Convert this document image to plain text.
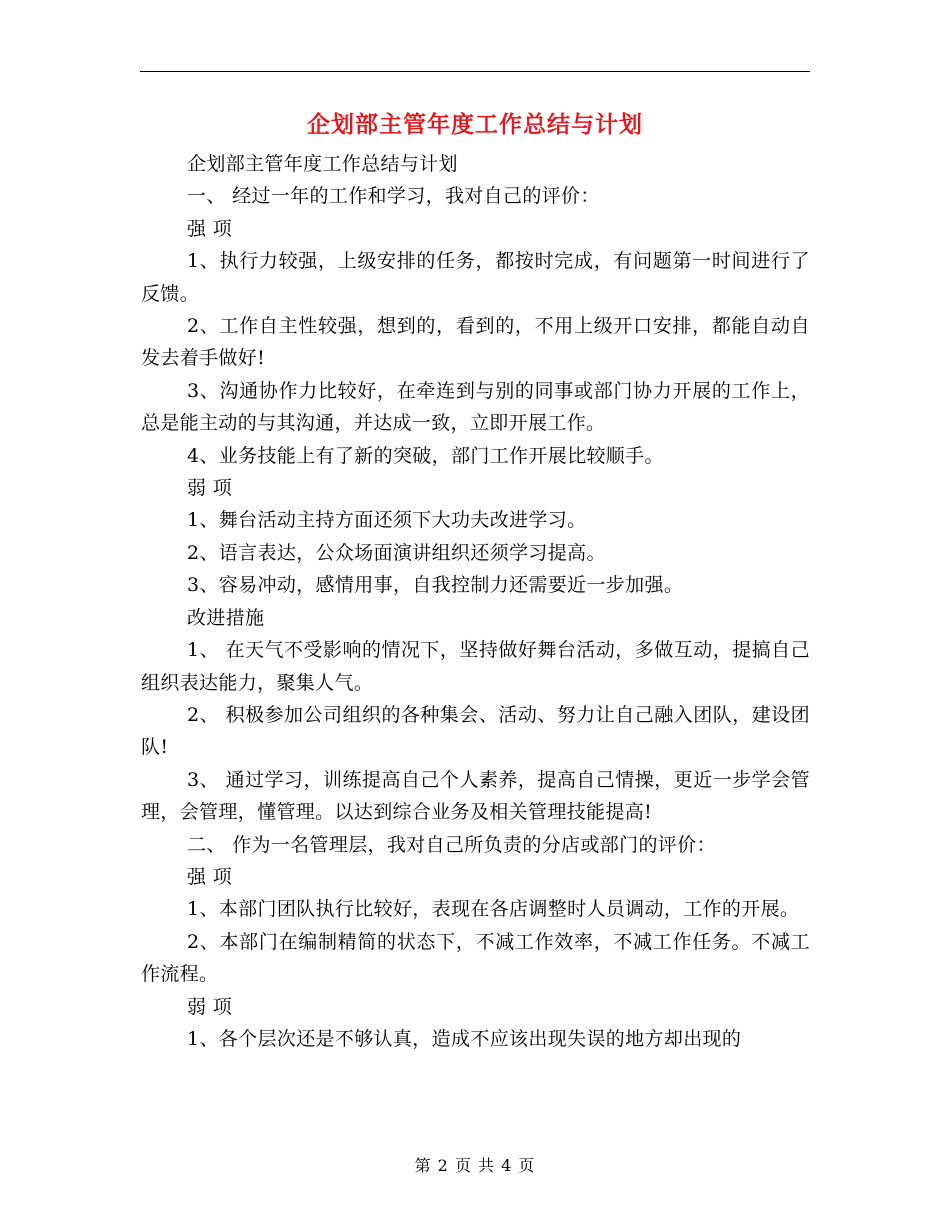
企划部主管年度工作总结与计划

企划部主管年度工作总结与计划

一、 经过一年的工作和学习，我对自己的评价：

强 项

1、执行力较强，上级安排的任务，都按时完成，有问题第一时间进行了反馈。

2、工作自主性较强，想到的，看到的，不用上级开口安排，都能自动自发去着手做好!

3、沟通协作力比较好，在牵连到与别的同事或部门协力开展的工作上，总是能主动的与其沟通，并达成一致，立即开展工作。

4、业务技能上有了新的突破，部门工作开展比较顺手。

弱 项

1、舞台活动主持方面还须下大功夫改进学习。

2、语言表达，公众场面演讲组织还须学习提高。

3、容易冲动，感情用事，自我控制力还需要近一步加强。

改进措施

1、 在天气不受影响的情况下，坚持做好舞台活动，多做互动，提搞自己组织表达能力，聚集人气。

2、 积极参加公司组织的各种集会、活动、努力让自己融入团队，建设团队!

3、 通过学习，训练提高自己个人素养，提高自己情操，更近一步学会管理，会管理，懂管理。以达到综合业务及相关管理技能提高!

二、 作为一名管理层，我对自己所负责的分店或部门的评价：

强 项

1、本部门团队执行比较好，表现在各店调整时人员调动，工作的开展。

2、本部门在编制精简的状态下，不减工作效率，不减工作任务。不减工作流程。

弱 项

1、各个层次还是不够认真，造成不应该出现失误的地方却出现的

第 2 页 共 4 页
